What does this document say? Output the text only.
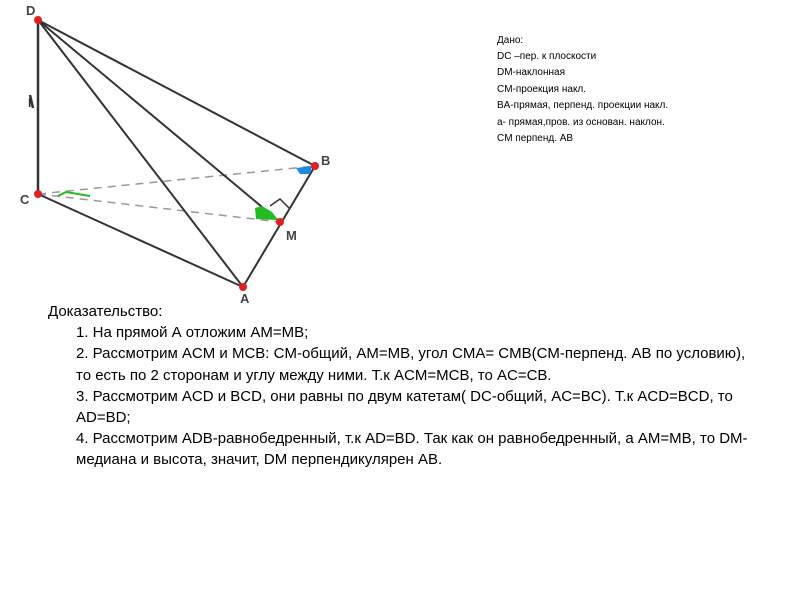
D
C
B
M
A
I
Дано:
DC –пер. к плоскости
DM-наклонная
CM-проекция накл.
BA-прямая, перпенд. проекции накл.
а- прямая,пров. из основан. наклон.
CM перпенд. AB
Доказательство:
1. На прямой А отложим AM=MB;
2. Рассмотрим ACM и MCB: CM-общий, AM=MB, угол CMA= CMB(CM-перпенд. AB по условию), то есть по 2 сторонам и углу между ними. Т.к ACM=MCB, то AC=CB.
3. Рассмотрим ACD и BCD, они равны по двум катетам( DC-общий, AC=BC). Т.к ACD=BCD, то AD=BD;
4. Рассмотрим ADB-равнобедренный, т.к AD=BD. Так как он равнобедренный, а AM=MB, то DM-медиана и высота, значит, DM перпендикулярен AB.
